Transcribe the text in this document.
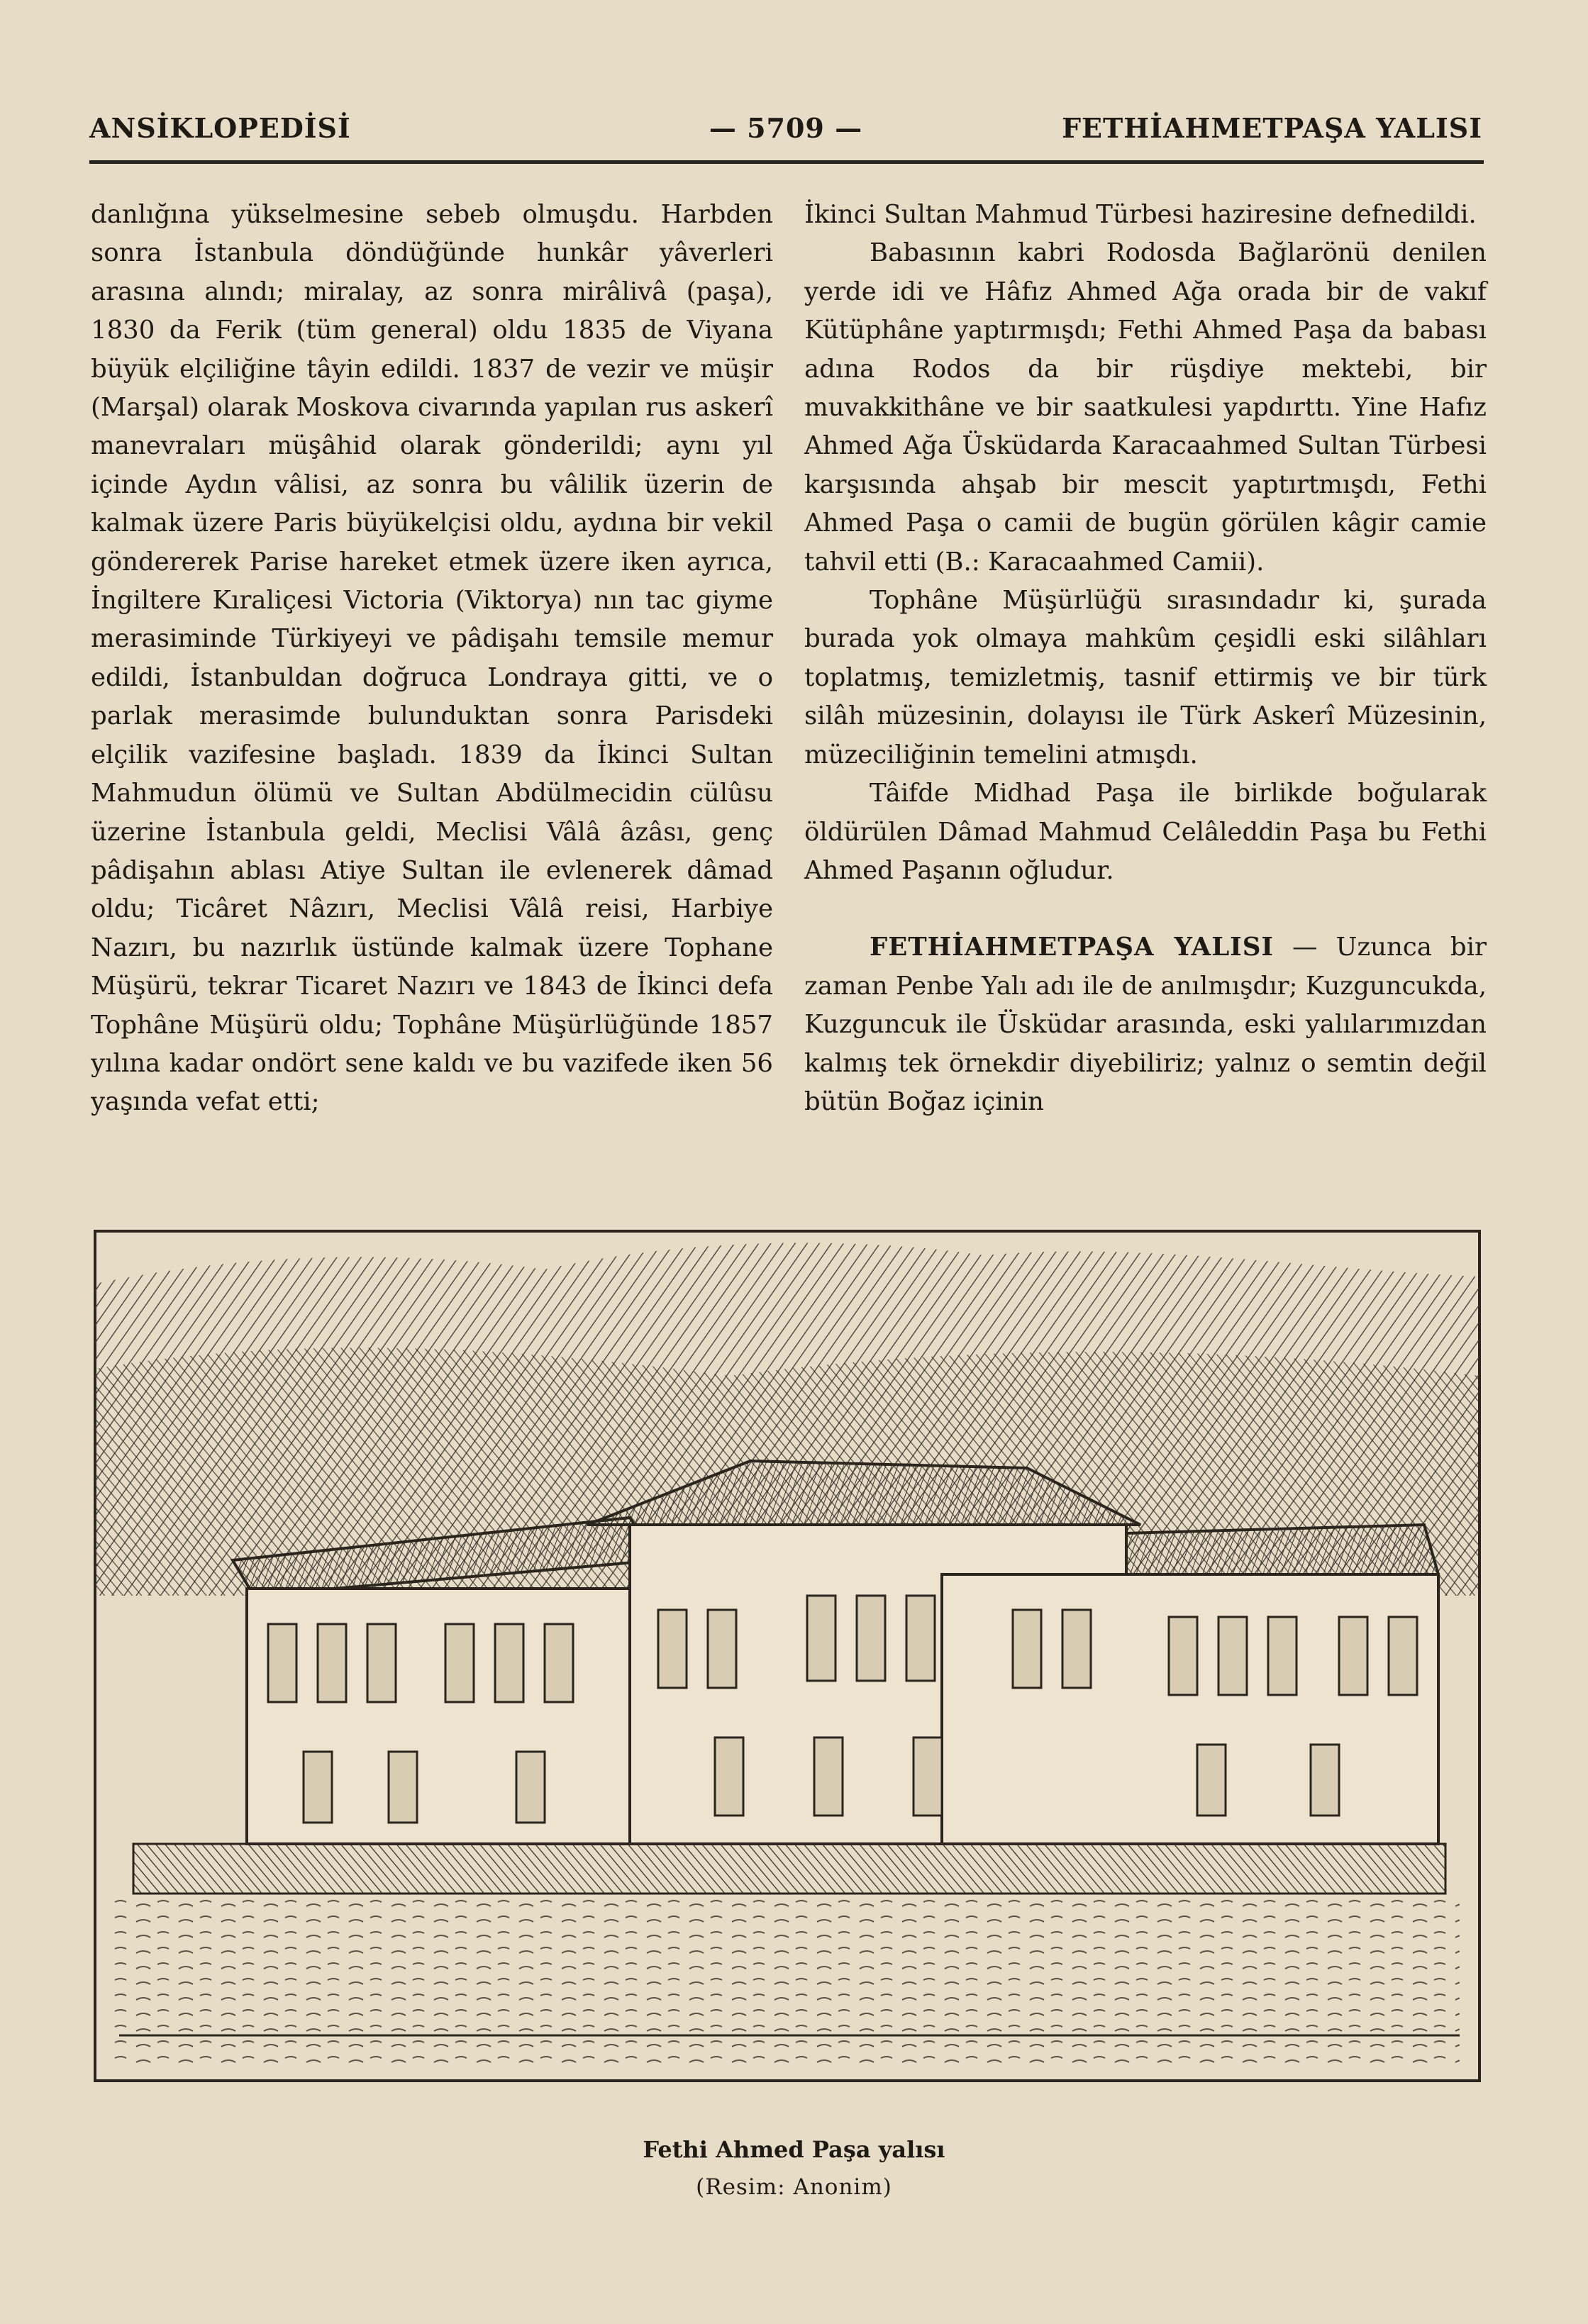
ANSİKLOPEDİSİ	— 5709 —	FETHİAHMETPAŞA YALISI

danlığına yükselmesine sebeb olmuşdu. Harbden sonra İstanbula döndüğünde hunkâr yâverleri arasına alındı; miralay, az sonra mirâlivâ (paşa), 1830 da Ferik (tüm general) oldu 1835 de Viyana büyük elçiliğine tâyin edildi. 1837 de vezir ve müşir (Marşal) olarak Moskova civarında yapılan rus askerî manevraları müşâhid olarak gönderildi; aynı yıl içinde Aydın vâlisi, az sonra bu vâlilik üzerin de kalmak üzere Paris büyükelçisi oldu, aydına bir vekil göndererek Parise hareket etmek üzere iken ayrıca, İngiltere Kıraliçesi Victoria (Viktorya) nın tac giyme merasiminde Türkiyeyi ve pâdişahı temsile memur edildi, İstanbuldan doğruca Londraya gitti, ve o parlak merasimde bulunduktan sonra Parisdeki elçilik vazifesine başladı. 1839 da İkinci Sultan Mahmudun ölümü ve Sultan Abdülmecidin cülûsu üzerine İstanbula geldi, Meclisi Vâlâ âzâsı, genç pâdişahın ablası Atiye Sultan ile evlenerek dâmad oldu; Ticâret Nâzırı, Meclisi Vâlâ reisi, Harbiye Nazırı, bu nazırlık üstünde kalmak üzere Tophane Müşürü, tekrar Ticaret Nazırı ve 1843 de İkinci defa Tophâne Müşürü oldu; Tophâne Müşürlüğünde 1857 yılına kadar ondört sene kaldı ve bu vazifede iken 56 yaşında vefat etti;

İkinci Sultan Mahmud Türbesi haziresine defnedildi.

Babasının kabri Rodosda Bağlarönü denilen yerde idi ve Hâfız Ahmed Ağa orada bir de vakıf Kütüphâne yaptırmışdı; Fethi Ahmed Paşa da babası adına Rodos da bir rüşdiye mektebi, bir muvakkithâne ve bir saatkulesi yapdırttı. Yine Hafız Ahmed Ağa Üsküdarda Karacaahmed Sultan Türbesi karşısında ahşab bir mescit yaptırtmışdı, Fethi Ahmed Paşa o camii de bugün görülen kâgir camie tahvil etti (B.: Karacaahmed Camii).

Tophâne Müşürlüğü sırasındadır ki, şurada burada yok olmaya mahkûm çeşidli eski silâhları toplatmış, temizletmiş, tasnif ettirmiş ve bir türk silâh müzesinin, dolayısı ile Türk Askerî Müzesinin, müzeciliğinin temelini atmışdı.

Tâifde Midhad Paşa ile birlikde boğularak öldürülen Dâmad Mahmud Celâleddin Paşa bu Fethi Ahmed Paşanın oğludur.

FETHİAHMETPAŞA YALISI — Uzunca bir zaman Penbe Yalı adı ile de anılmışdır; Kuzguncukda, Kuzguncuk ile Üsküdar arasında, eski yalılarımızdan kalmış tek örnekdir diyebiliriz; yalnız o semtin değil bütün Boğaz içinin

Fethi Ahmed Paşa yalısı
(Resim: Anonim)
